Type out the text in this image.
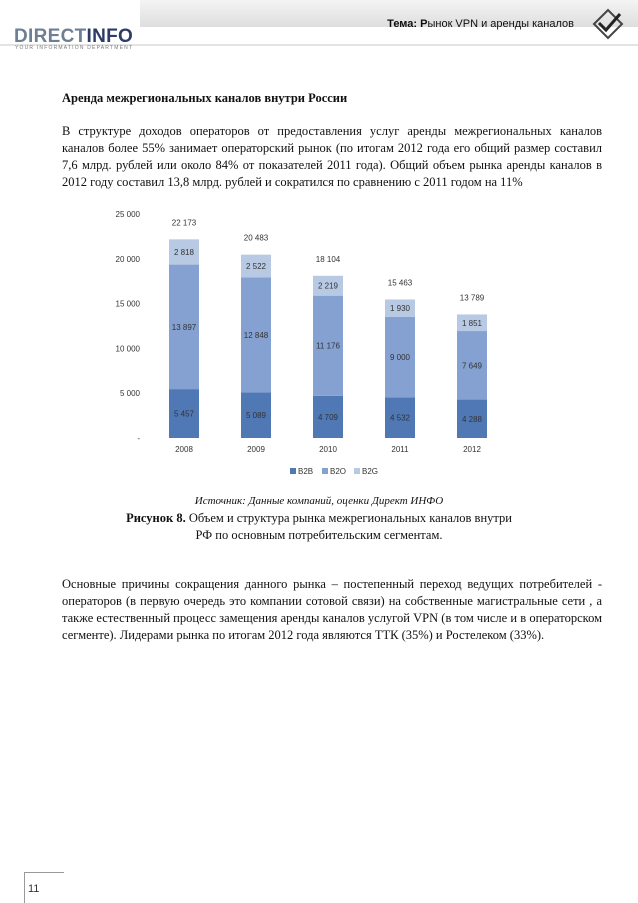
Тема: Рынок VPN и аренды каналов
DIRECTINFO
YOUR INFORMATION DEPARTMENT
Аренда межрегиональных каналов внутри России
В структуре доходов операторов от предоставления услуг аренды межрегиональных каналов каналов более 55% занимает операторский рынок (по итогам 2012 года его общий размер составил 7,6 млрд. рублей или около 84% от показателей 2011 года). Общий объем рынка аренды каналов в 2012 году составил 13,8 млрд. рублей и сократился по сравнению с 2011 годом на 11%
-
5 000
10 000
15 000
20 000
25 000
5 457
13 897
2 818
22 173
2008
5 089
12 848
2 522
20 483
2009
4 709
11 176
2 219
18 104
2010
4 532
9 000
1 930
15 463
2011
4 288
7 649
1 851
13 789
2012
B2B B2O B2G
Источник: Данные компаний, оценки Директ ИНФО
Рисунок 8. Объем и структура рынка межрегиональных каналов внутри
РФ по основным потребительским сегментам.
Основные причины сокращения данного рынка – постепенный переход ведущих потребителей - операторов (в первую очередь это компании сотовой связи) на собственные магистральные сети , а также естественный процесс замещения аренды каналов услугой VPN (в том числе и в операторском сегменте). Лидерами рынка по итогам 2012 года являются ТТК (35%) и Ростелеком (33%).
11
